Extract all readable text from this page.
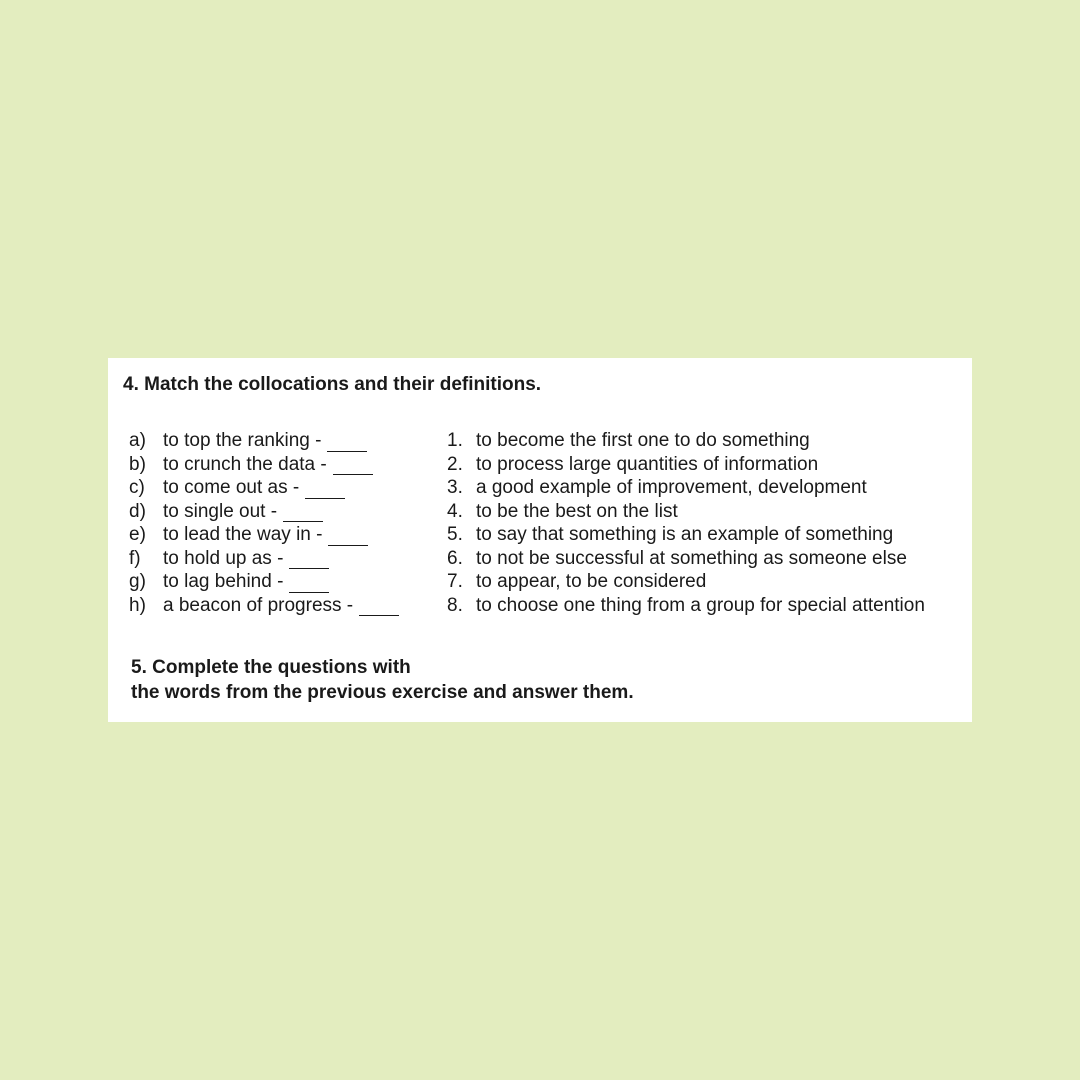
4. Match the collocations and their definitions.
a) to top the ranking -
b) to crunch the data -
c) to come out as -
d) to single out -
e) to lead the way in -
f)	to hold up as -
g) to lag behind -
h) a beacon of progress -
1. to become the first one to do something
2. to process large quantities of information
3. a good example of improvement, development
4. to be the best on the list
5. to say that something is an example of something
6. to not be successful at something as someone else
7. to appear, to be considered
8. to choose one thing from a group for special attention

5. Complete the questions with
the words from the previous exercise and answer them.
